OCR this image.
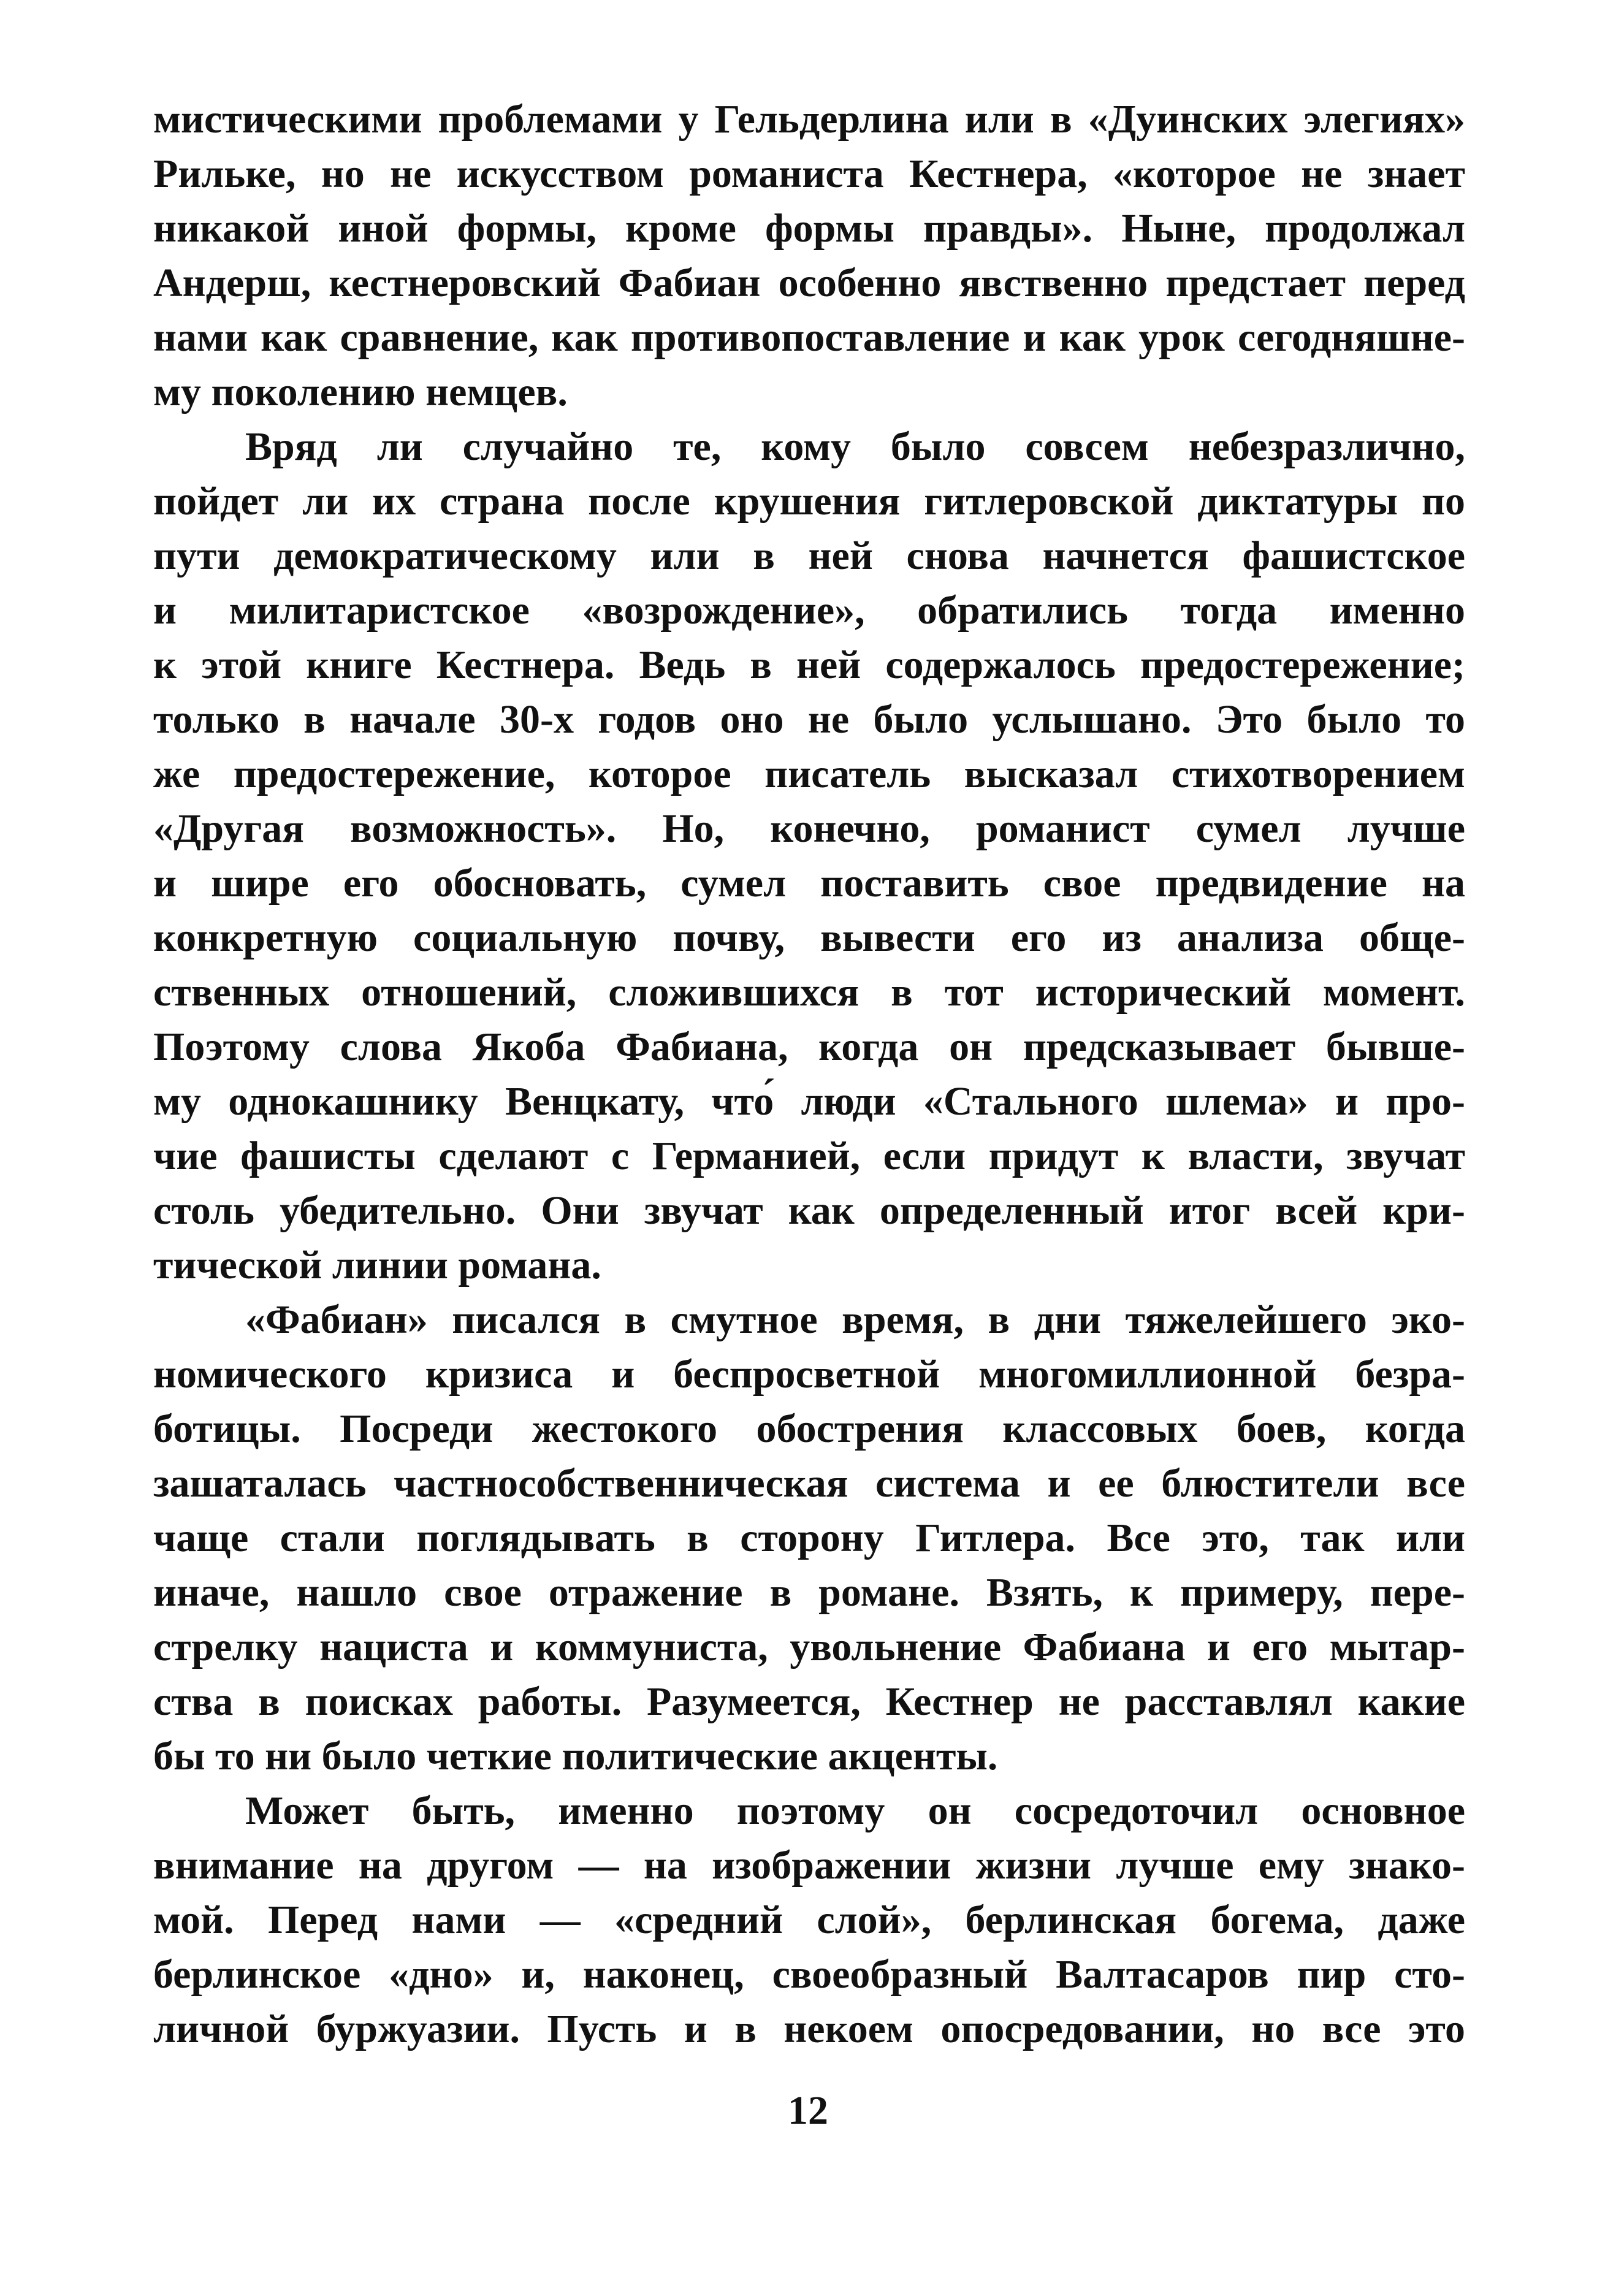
мистическими проблемами у Гельдерлина или в «Дуинских элегиях»
Рильке, но не искусством романиста Кестнера, «которое не знает
никакой иной формы, кроме формы правды». Ныне, продолжал
Андерш, кестнеровский Фабиан особенно явственно предстает перед
нами как сравнение, как противопоставление и как урок сегодняшне-
му поколению немцев.
Вряд ли случайно те, кому было совсем небезразлично,
пойдет ли их страна после крушения гитлеровской диктатуры по
пути демократическому или в ней снова начнется фашистское
и милитаристское «возрождение», обратились тогда именно
к этой книге Кестнера. Ведь в ней содержалось предостережение;
только в начале 30-х годов оно не было услышано. Это было то
же предостережение, которое писатель высказал стихотворением
«Другая возможность». Но, конечно, романист сумел лучше
и шире его обосновать, сумел поставить свое предвидение на
конкретную социальную почву, вывести его из анализа обще-
ственных отношений, сложившихся в тот исторический момент.
Поэтому слова Якоба Фабиана, когда он предсказывает бывше-
му однокашнику Венцкату, что́ люди «Стального шлема» и про-
чие фашисты сделают с Германией, если придут к власти, звучат
столь убедительно. Они звучат как определенный итог всей кри-
тической линии романа.
«Фабиан» писался в смутное время, в дни тяжелейшего эко-
номического кризиса и беспросветной многомиллионной безра-
ботицы. Посреди жестокого обострения классовых боев, когда
зашаталась частнособственническая система и ее блюстители все
чаще стали поглядывать в сторону Гитлера. Все это, так или
иначе, нашло свое отражение в романе. Взять, к примеру, пере-
стрелку нациста и коммуниста, увольнение Фабиана и его мытар-
ства в поисках работы. Разумеется, Кестнер не расставлял какие
бы то ни было четкие политические акценты.
Может быть, именно поэтому он сосредоточил основное
внимание на другом — на изображении жизни лучше ему знако-
мой. Перед нами — «средний слой», берлинская богема, даже
берлинское «дно» и, наконец, своеобразный Валтасаров пир сто-
личной буржуазии. Пусть и в некоем опосредовании, но все это
12
